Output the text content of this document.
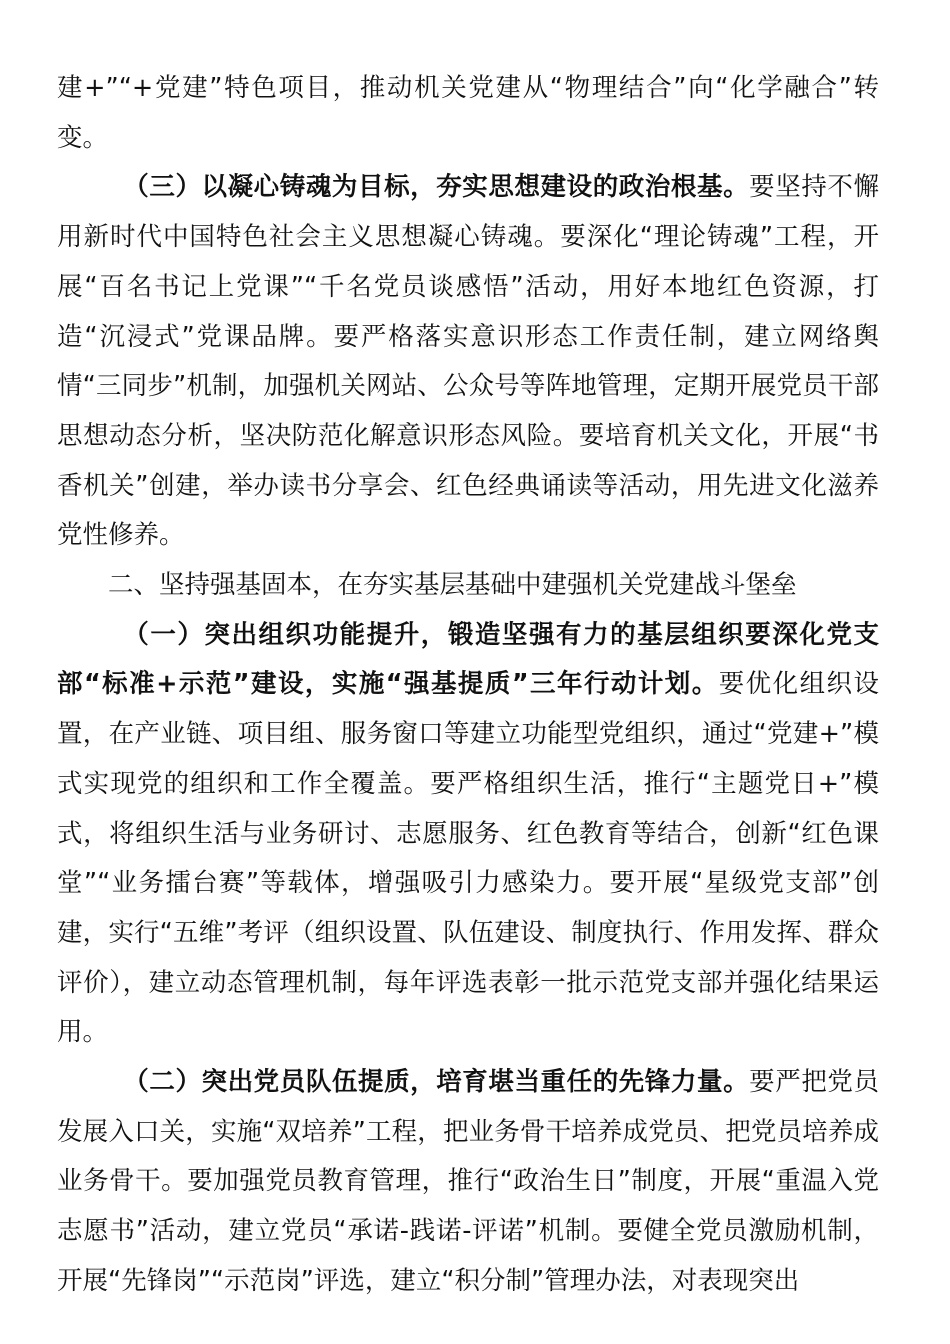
建+”“+党建”特色项目，推动机关党建从“物理结合”向“化学融合”转变。

（三）以凝心铸魂为目标，夯实思想建设的政治根基。要坚持不懈用新时代中国特色社会主义思想凝心铸魂。要深化“理论铸魂”工程，开展“百名书记上党课”“千名党员谈感悟”活动，用好本地红色资源，打造“沉浸式”党课品牌。要严格落实意识形态工作责任制，建立网络舆情“三同步”机制，加强机关网站、公众号等阵地管理，定期开展党员干部思想动态分析，坚决防范化解意识形态风险。要培育机关文化，开展“书香机关”创建，举办读书分享会、红色经典诵读等活动，用先进文化滋养党性修养。

二、坚持强基固本，在夯实基层基础中建强机关党建战斗堡垒

（一）突出组织功能提升，锻造坚强有力的基层组织要深化党支部“标准+示范”建设，实施“强基提质”三年行动计划。要优化组织设置，在产业链、项目组、服务窗口等建立功能型党组织，通过“党建+”模式实现党的组织和工作全覆盖。要严格组织生活，推行“主题党日+”模式，将组织生活与业务研讨、志愿服务、红色教育等结合，创新“红色课堂”“业务擂台赛”等载体，增强吸引力感染力。要开展“星级党支部”创建，实行“五维”考评（组织设置、队伍建设、制度执行、作用发挥、群众评价），建立动态管理机制，每年评选表彰一批示范党支部并强化结果运用。

（二）突出党员队伍提质，培育堪当重任的先锋力量。要严把党员发展入口关，实施“双培养”工程，把业务骨干培养成党员、把党员培养成业务骨干。要加强党员教育管理，推行“政治生日”制度，开展“重温入党志愿书”活动，建立党员“承诺-践诺-评诺”机制。要健全党员激励机制，开展“先锋岗”“示范岗”评选，建立“积分制”管理办法，对表现突出
